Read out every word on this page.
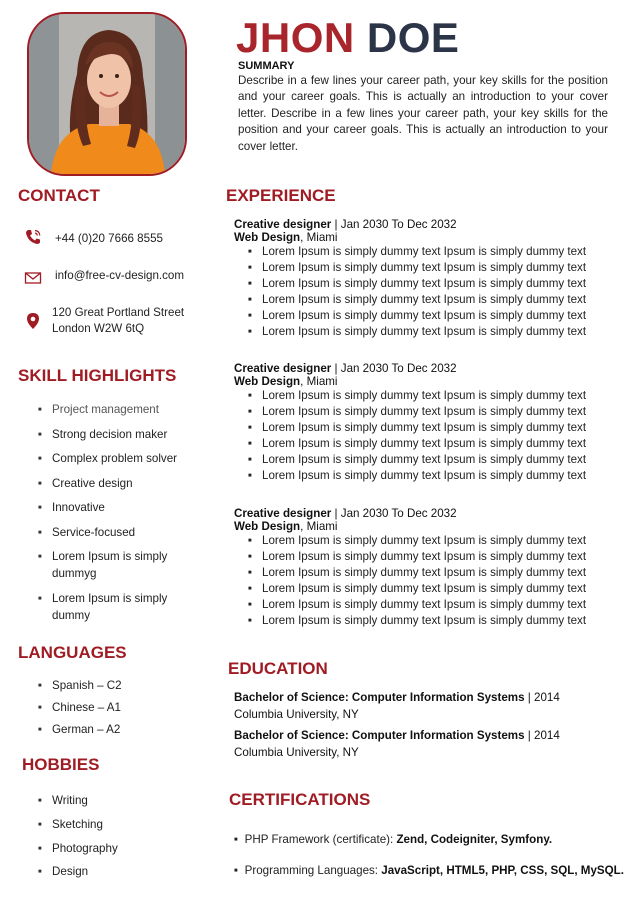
JHON DOE
SUMMARY
Describe in a few lines your career path, your key skills for the position and your career goals. This is actually an introduction to your cover letter. Describe in a few lines your career path, your key skills for the position and your career goals. This is actually an introduction to your cover letter.
CONTACT
+44 (0)20 7666 8555
info@free-cv-design.com
120 Great Portland Street
London W2W 6tQ
SKILL HIGHLIGHTS
■ Project management
■ Strong decision maker
■ Complex problem solver
■ Creative design
■ Innovative
■ Service-focused
■ Lorem Ipsum is simply dummyg
■ Lorem Ipsum is simply dummy
LANGUAGES
■ Spanish – C2
■ Chinese – A1
■ German – A2
HOBBIES
■ Writing
■ Sketching
■ Photography
■ Design
EXPERIENCE
Creative designer | Jan 2030 To Dec 2032
Web Design, Miami
■ Lorem Ipsum is simply dummy text Ipsum is simply dummy text
■ Lorem Ipsum is simply dummy text Ipsum is simply dummy text
■ Lorem Ipsum is simply dummy text Ipsum is simply dummy text
■ Lorem Ipsum is simply dummy text Ipsum is simply dummy text
■ Lorem Ipsum is simply dummy text Ipsum is simply dummy text
■ Lorem Ipsum is simply dummy text Ipsum is simply dummy text
Creative designer | Jan 2030 To Dec 2032
Web Design, Miami
■ Lorem Ipsum is simply dummy text Ipsum is simply dummy text
■ Lorem Ipsum is simply dummy text Ipsum is simply dummy text
■ Lorem Ipsum is simply dummy text Ipsum is simply dummy text
■ Lorem Ipsum is simply dummy text Ipsum is simply dummy text
■ Lorem Ipsum is simply dummy text Ipsum is simply dummy text
■ Lorem Ipsum is simply dummy text Ipsum is simply dummy text
Creative designer | Jan 2030 To Dec 2032
Web Design, Miami
■ Lorem Ipsum is simply dummy text Ipsum is simply dummy text
■ Lorem Ipsum is simply dummy text Ipsum is simply dummy text
■ Lorem Ipsum is simply dummy text Ipsum is simply dummy text
■ Lorem Ipsum is simply dummy text Ipsum is simply dummy text
■ Lorem Ipsum is simply dummy text Ipsum is simply dummy text
■ Lorem Ipsum is simply dummy text Ipsum is simply dummy text
EDUCATION
Bachelor of Science: Computer Information Systems | 2014
Columbia University, NY
Bachelor of Science: Computer Information Systems | 2014
Columbia University, NY
CERTIFICATIONS
■ PHP Framework (certificate): Zend, Codeigniter, Symfony.
■ Programming Languages: JavaScript, HTML5, PHP, CSS, SQL, MySQL.
